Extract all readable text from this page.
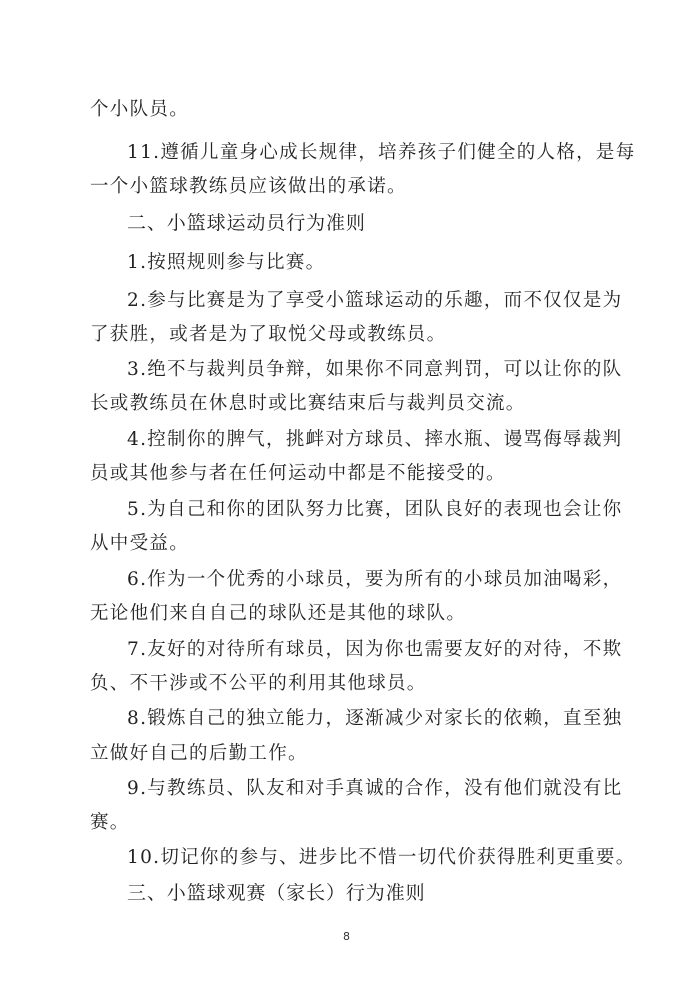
个小队员。
11.遵循儿童身心成长规律，培养孩子们健全的人格，是每
一个小篮球教练员应该做出的承诺。
二、小篮球运动员行为准则
1.按照规则参与比赛。
2.参与比赛是为了享受小篮球运动的乐趣，而不仅仅是为
了获胜，或者是为了取悦父母或教练员。
3.绝不与裁判员争辩，如果你不同意判罚，可以让你的队
长或教练员在休息时或比赛结束后与裁判员交流。
4.控制你的脾气，挑衅对方球员、摔水瓶、谩骂侮辱裁判
员或其他参与者在任何运动中都是不能接受的。
5.为自己和你的团队努力比赛，团队良好的表现也会让你
从中受益。
6.作为一个优秀的小球员，要为所有的小球员加油喝彩，
无论他们来自自己的球队还是其他的球队。
7.友好的对待所有球员，因为你也需要友好的对待，不欺
负、不干涉或不公平的利用其他球员。
8.锻炼自己的独立能力，逐渐减少对家长的依赖，直至独
立做好自己的后勤工作。
9.与教练员、队友和对手真诚的合作，没有他们就没有比
赛。
10.切记你的参与、进步比不惜一切代价获得胜利更重要。
三、小篮球观赛（家长）行为准则
8
